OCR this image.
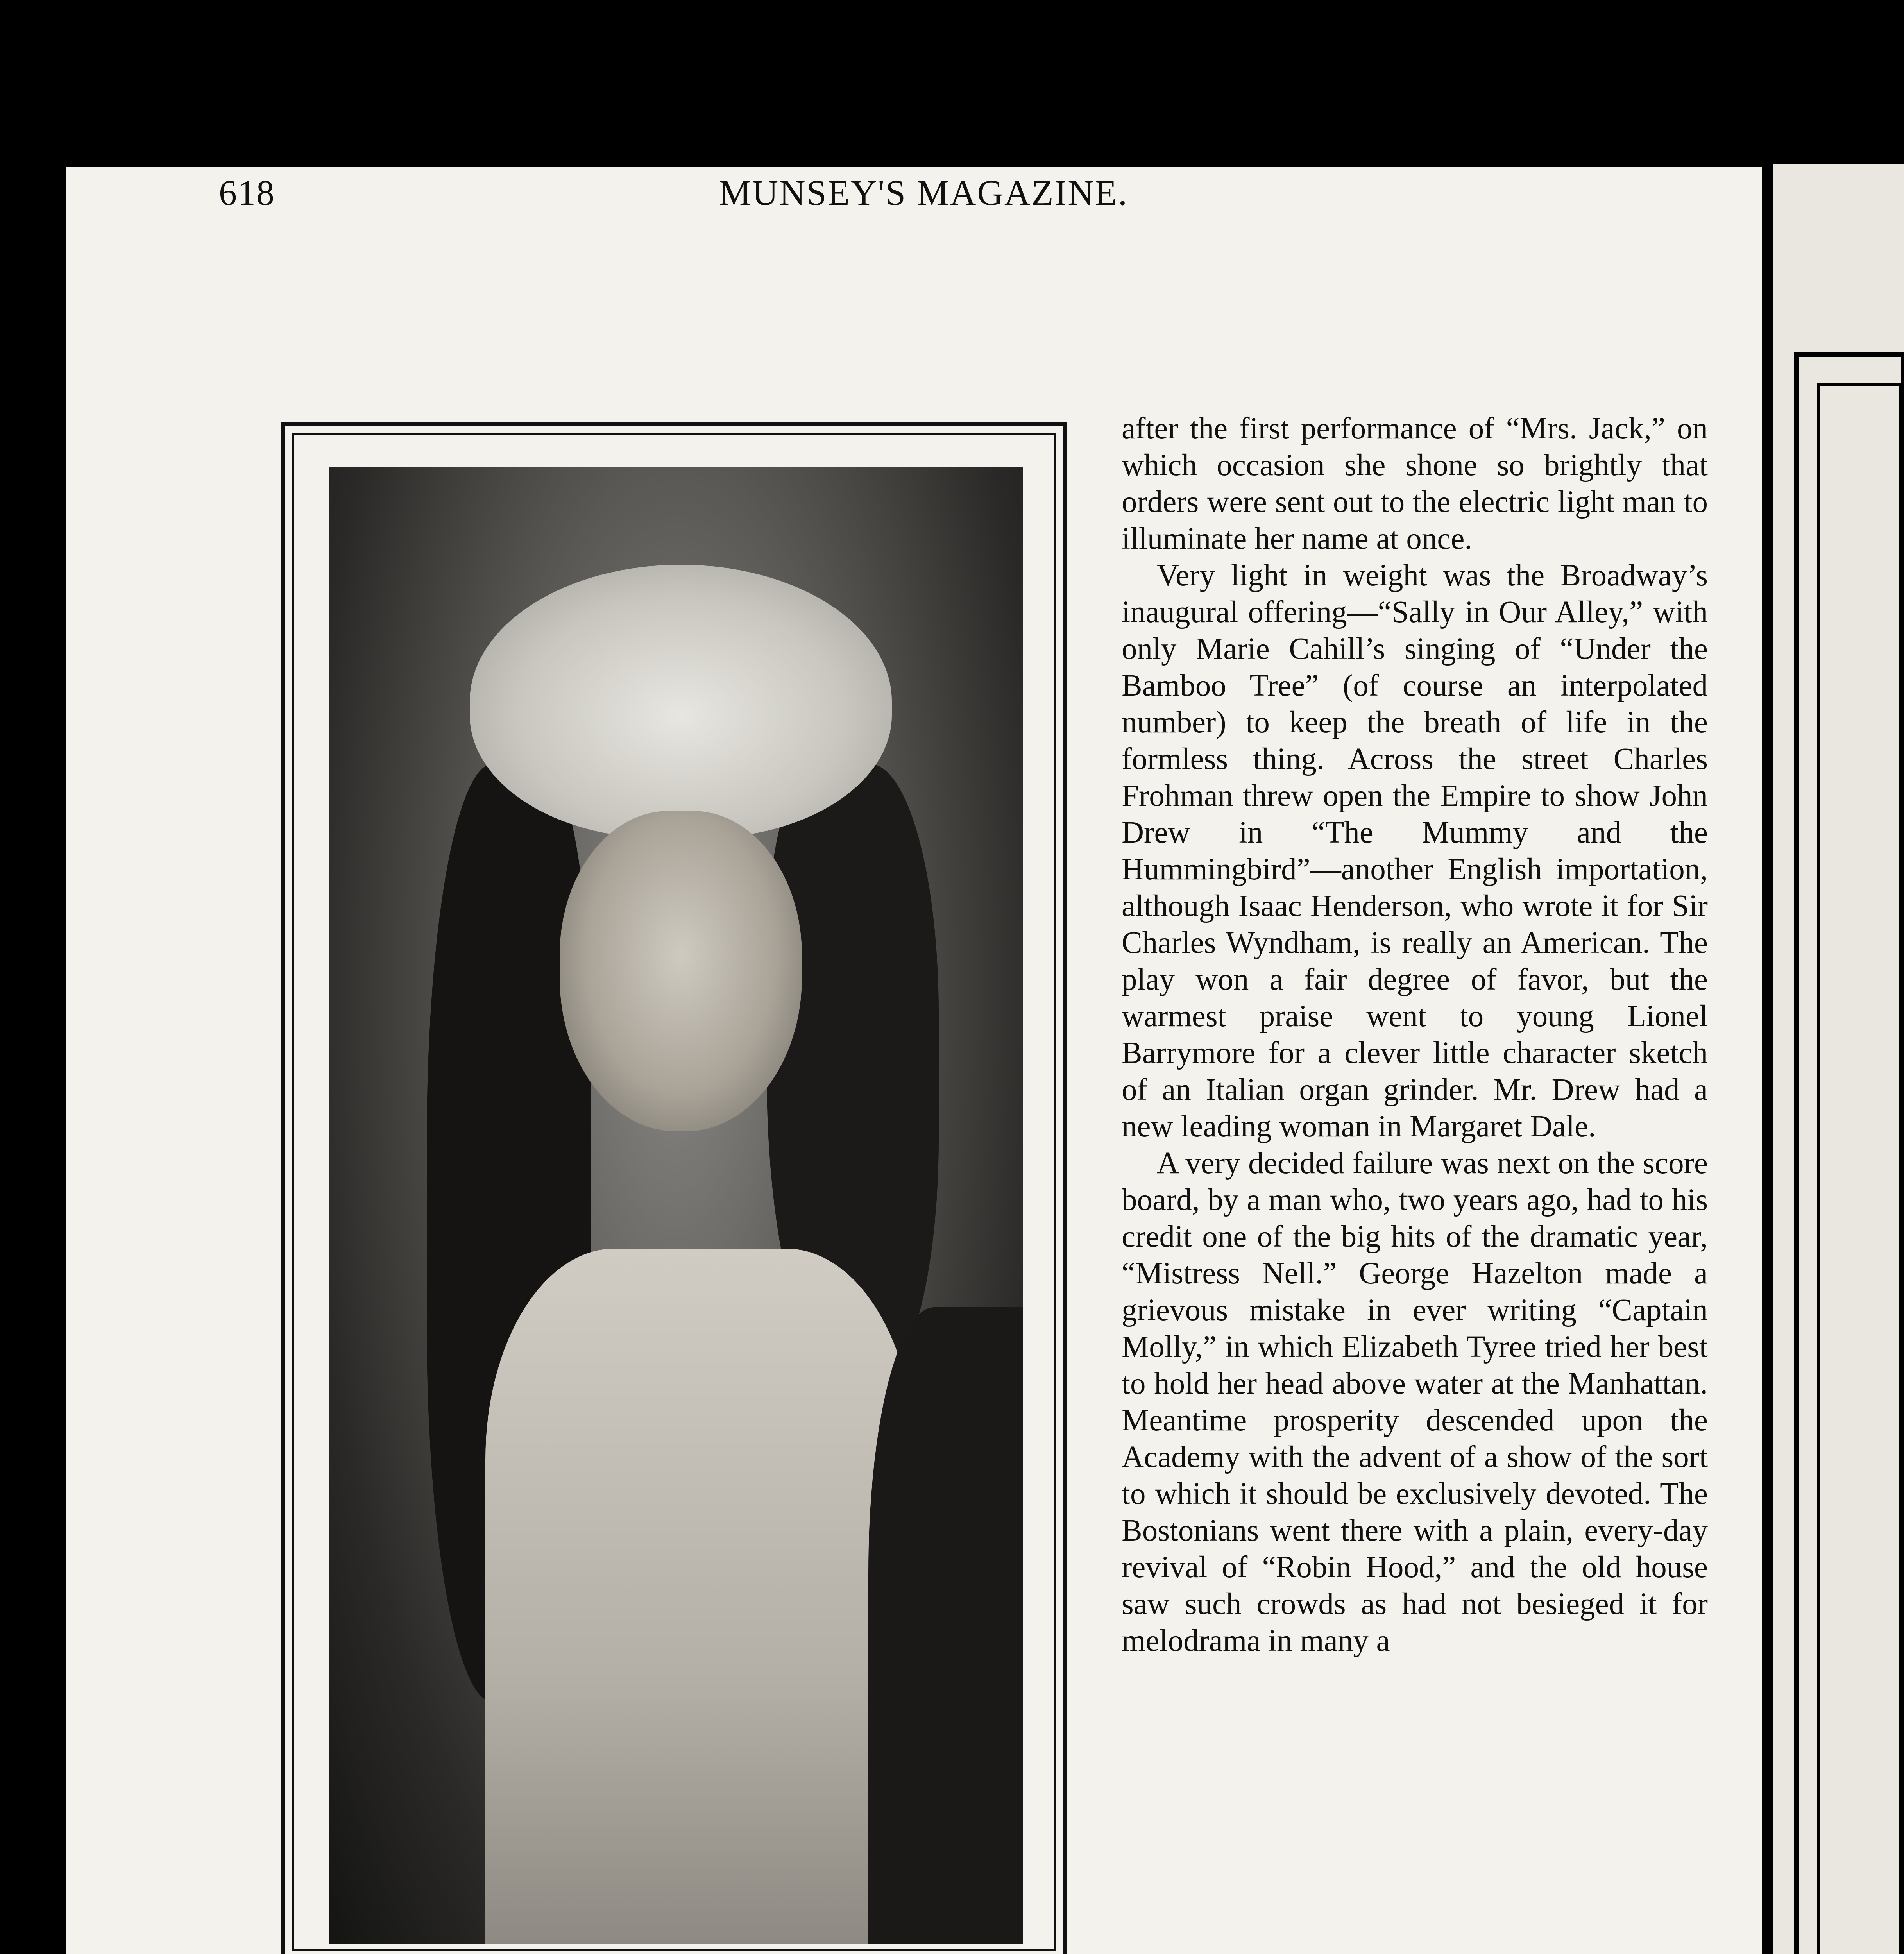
618	MUNSEY'S MAGAZINE.

after the first performance of “Mrs. Jack,” on which occasion she shone so brightly that orders were sent out to the electric light man to illuminate her name at once.

Very light in weight was the Broadway’s inaugural offering—“Sally in Our Alley,” with only Marie Cahill’s singing of “Under the Bamboo Tree” (of course an interpolated number) to keep the breath of life in the formless thing. Across the street Charles Frohman threw open the Empire to show John Drew in “The Mummy and the Hummingbird”—another English importation, although Isaac Henderson, who wrote it for Sir Charles Wyndham, is really an American. The play won a fair degree of favor, but the warmest praise went to young Lionel Barrymore for a clever little character sketch of an Italian organ grinder. Mr. Drew had a new leading woman in Margaret Dale.

A very decided failure was next on the score board, by a man who, two years ago, had to his credit one of the big hits of the dramatic year, “Mistress Nell.” George Hazelton made a grievous mistake in ever writing “Captain Molly,” in which Elizabeth Tyree tried her best to hold her head above water at the Manhattan. Meantime prosperity descended upon the Academy with the advent of a show of the sort to which it should be exclusively devoted. The Bostonians went there with a plain, every-day revival of “Robin Hood,” and the old house saw such crowds as had not besieged it for melodrama in many a
